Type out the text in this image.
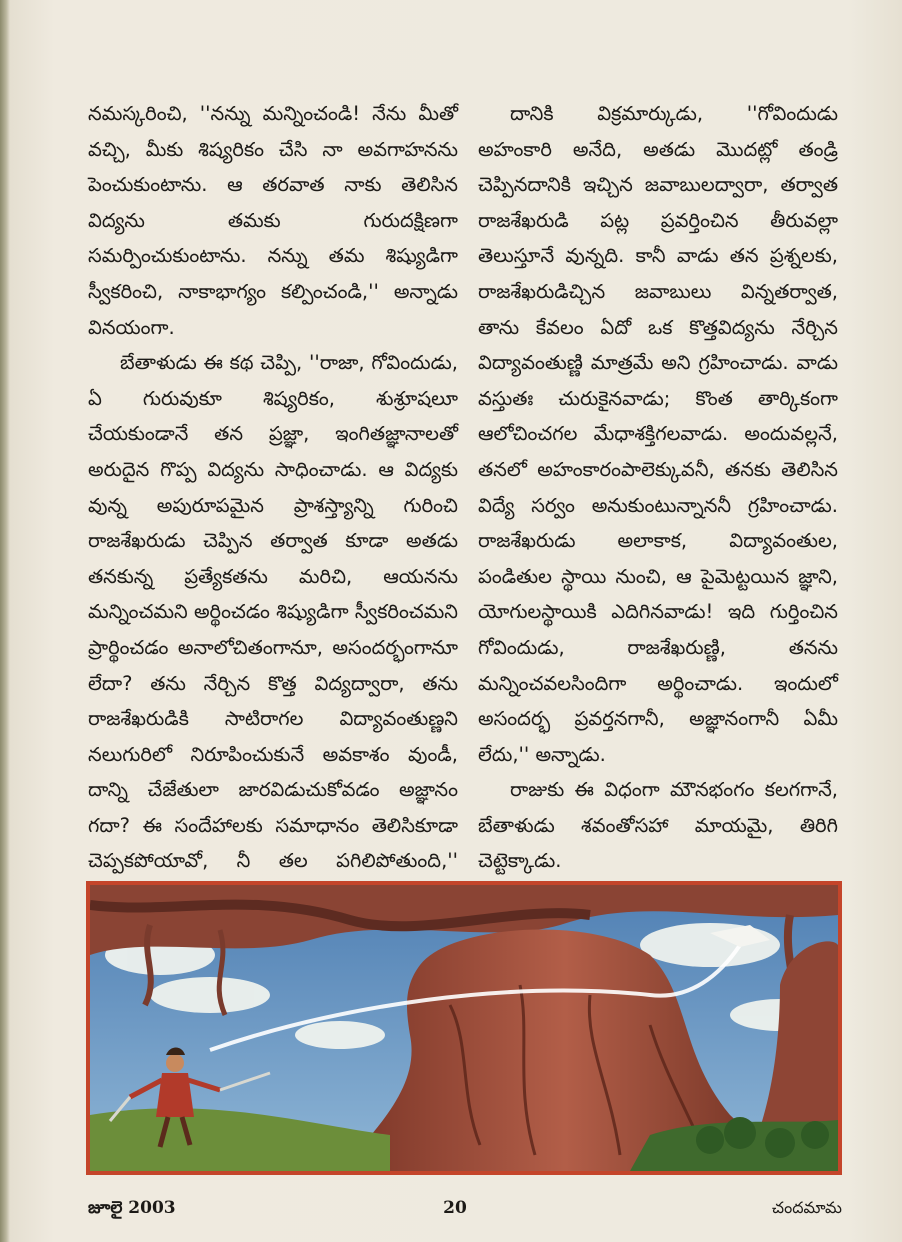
నమస్కరించి, ''నన్ను మన్నించండి! నేను మీతో వచ్చి, మీకు శిష్యరికం చేసి నా అవగాహనను పెంచుకుంటాను. ఆ తరవాత నాకు తెలిసిన విద్యను తమకు గురుదక్షిణగా సమర్పించుకుంటాను. నన్ను తమ శిష్యుడిగా స్వీకరించి, నాకాభాగ్యం కల్పించండి,'' అన్నాడు వినయంగా.

బేతాళుడు ఈ కథ చెప్పి, ''రాజా, గోవిందుడు, ఏ గురువుకూ శిష్యరికం, శుశ్రూషలూ చేయకుండానే తన ప్రజ్ఞా, ఇంగితజ్ఞానాలతో అరుదైన గొప్ప విద్యను సాధించాడు. ఆ విద్యకు వున్న అపురూపమైన ప్రాశస్త్యాన్ని గురించి రాజశేఖరుడు చెప్పిన తర్వాత కూడా అతడు తనకున్న ప్రత్యేకతను మరిచి, ఆయనను మన్నించమని అర్థించడం శిష్యుడిగా స్వీకరించమని ప్రార్థించడం అనాలోచితంగానూ, అసందర్భంగానూ లేదా? తను నేర్చిన కొత్త విద్యద్వారా, తను రాజశేఖరుడికి సాటిరాగల విద్యావంతుణ్ణని నలుగురిలో నిరూపించుకునే అవకాశం వుండీ, దాన్ని చేజేతులా జారవిడుచుకోవడం అజ్ఞానం గదా? ఈ సందేహాలకు సమాధానం తెలిసికూడా చెప్పకపోయావో, నీ తల పగిలిపోతుంది,''

దానికి విక్రమార్కుడు, ''గోవిందుడు అహంకారి అనేది, అతడు మొదట్లో తండ్రి చెప్పినదానికి ఇచ్చిన జవాబులద్వారా, తర్వాత రాజశేఖరుడి పట్ల ప్రవర్తించిన తీరువల్లా తెలుస్తూనే వున్నది. కానీ వాడు తన ప్రశ్నలకు, రాజశేఖరుడిచ్చిన జవాబులు విన్నతర్వాత, తాను కేవలం ఏదో ఒక కొత్తవిద్యను నేర్చిన విద్యావంతుణ్ణి మాత్రమే అని గ్రహించాడు. వాడు వస్తుతః చురుకైనవాడు; కొంత తార్కికంగా ఆలోచించగల మేధాశక్తిగలవాడు. అందువల్లనే, తనలో అహంకారంపాలెక్కువనీ, తనకు తెలిసిన విద్యే సర్వం అనుకుంటున్నాననీ గ్రహించాడు. రాజశేఖరుడు అలాకాక, విద్యావంతుల, పండితుల స్థాయి నుంచి, ఆ పైమెట్టయిన జ్ఞాని, యోగులస్థాయికి ఎదిగినవాడు! ఇది గుర్తించిన గోవిందుడు, రాజశేఖరుణ్ణి, తనను మన్నించవలసిందిగా అర్థించాడు. ఇందులో అసందర్భ ప్రవర్తనగానీ, అజ్ఞానంగానీ ఏమీ లేదు,'' అన్నాడు.

రాజుకు ఈ విధంగా మౌనభంగం కలగగానే, బేతాళుడు శవంతోసహా మాయమై, తిరిగి చెట్టెక్కాడు.

జూలై 2003	20	చందమామ
